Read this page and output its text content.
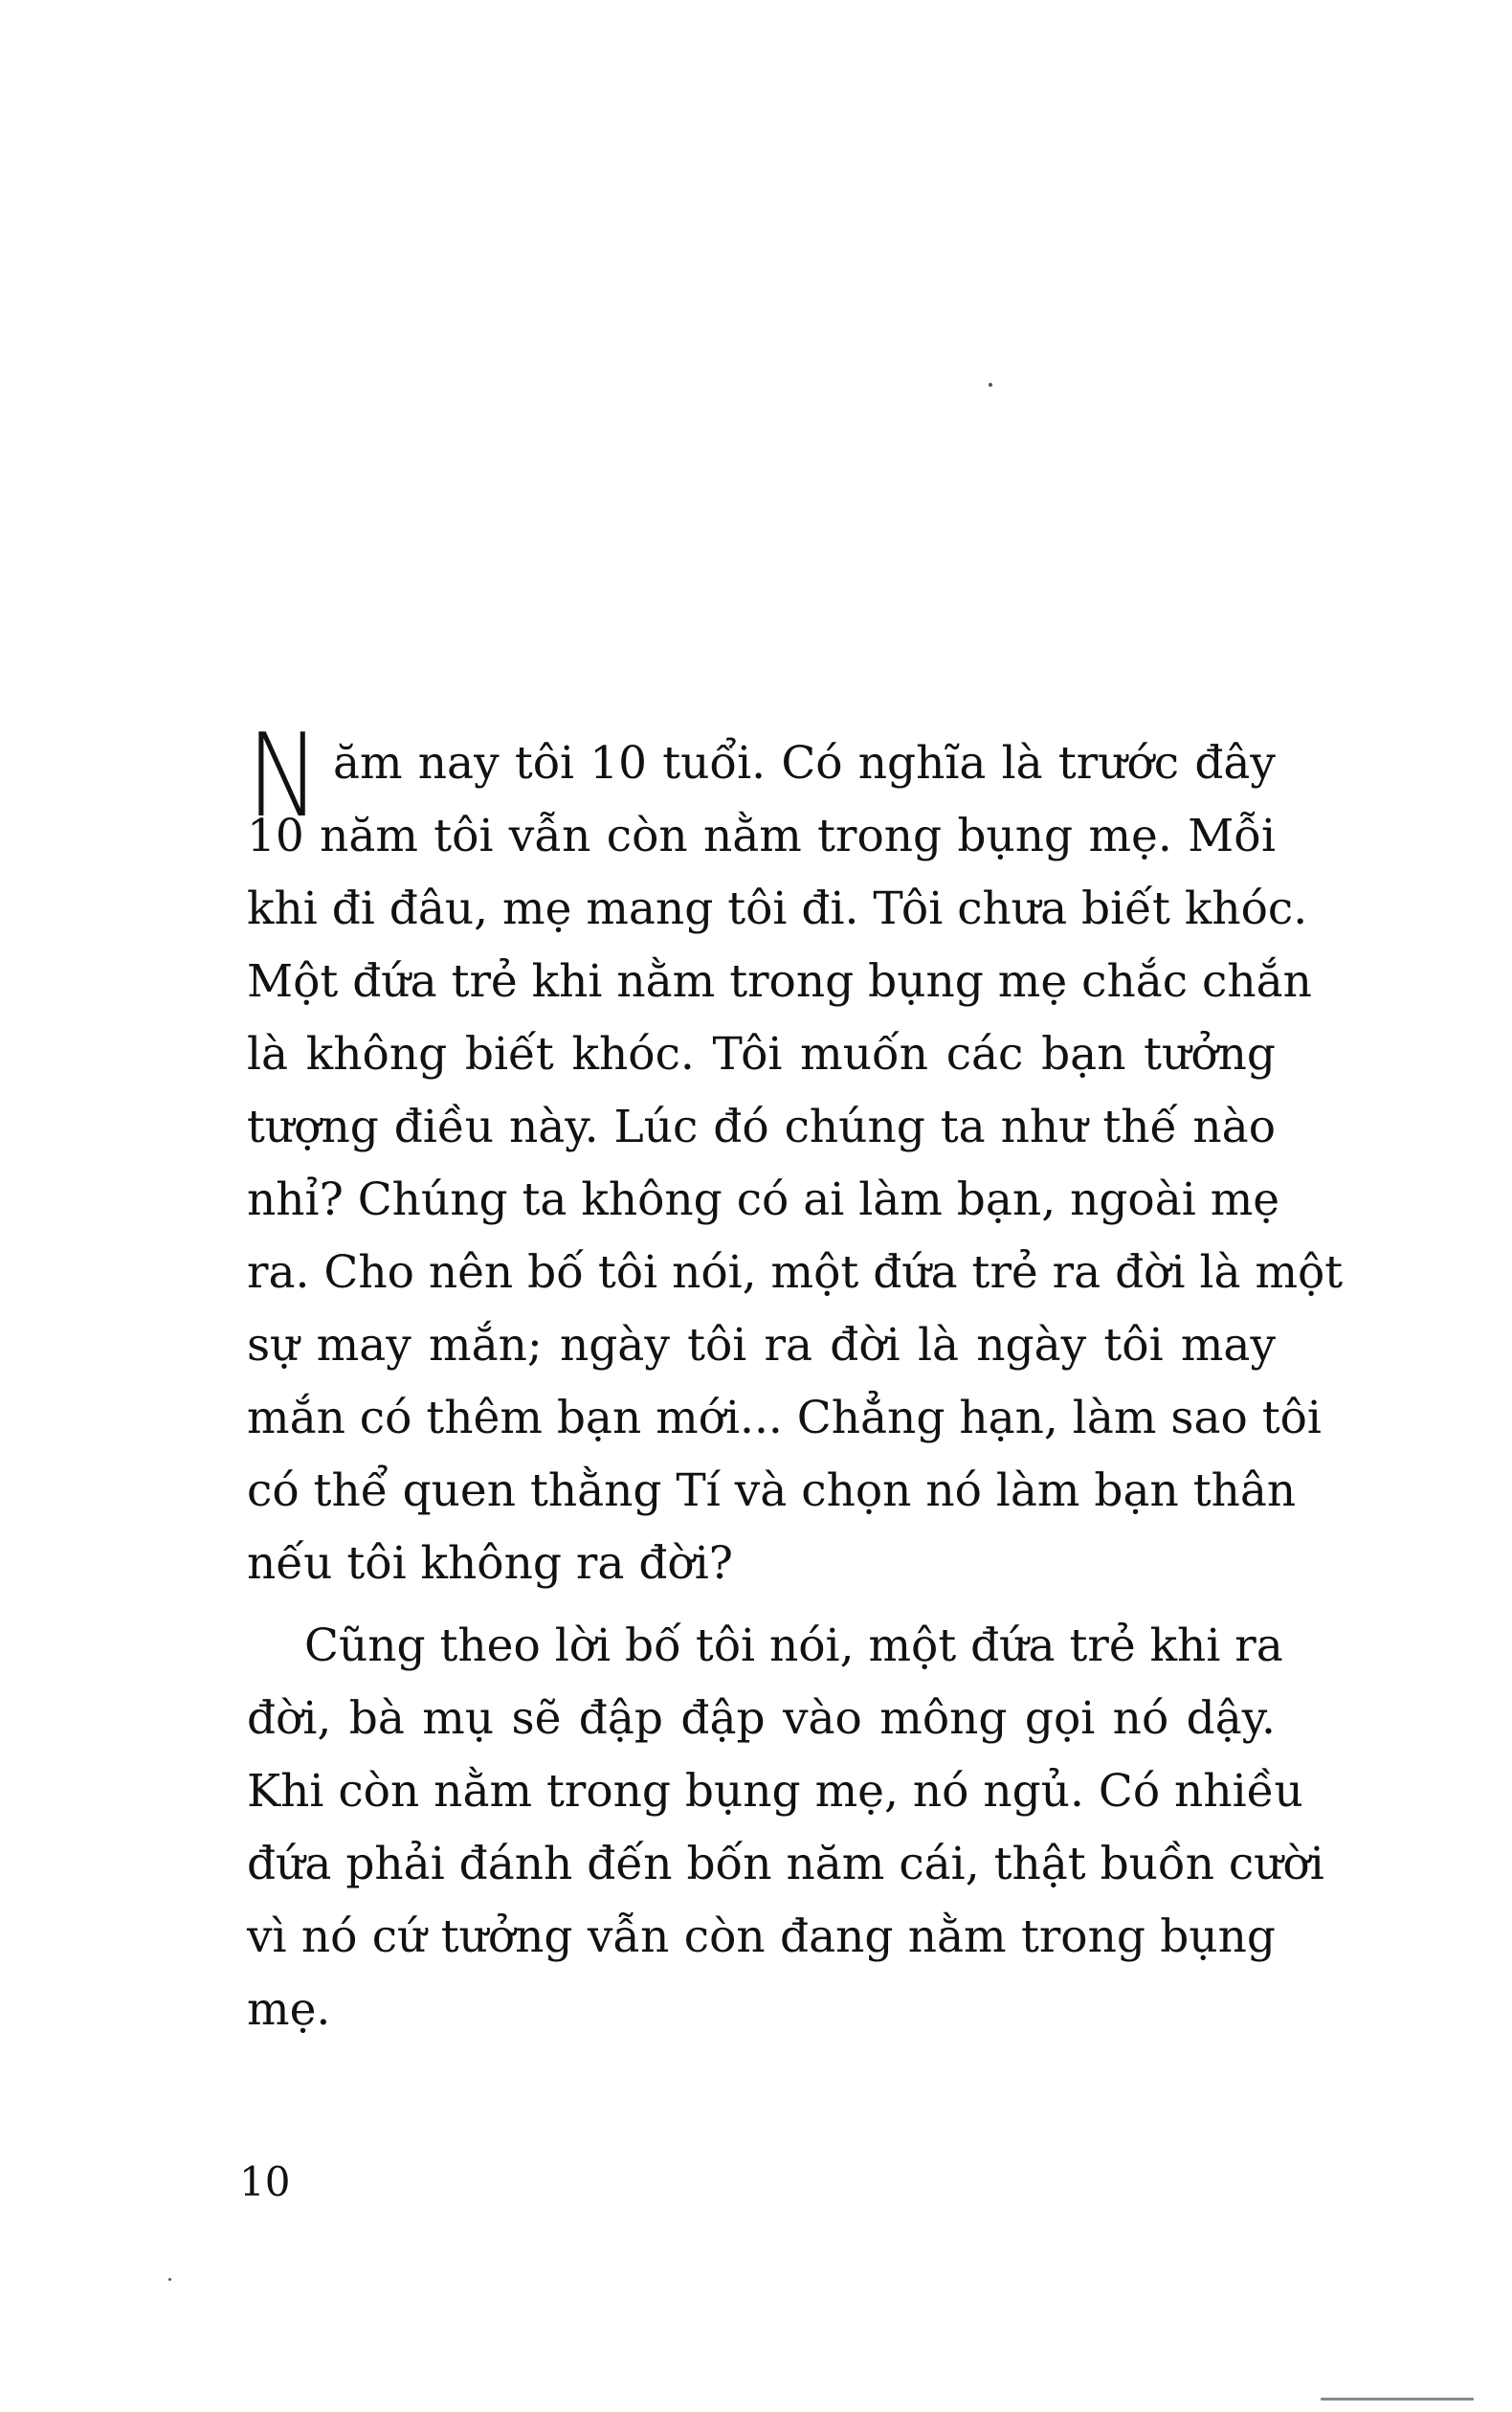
N ăm nay tôi 10 tuổi. Có nghĩa là trước đây
10 năm tôi vẫn còn nằm trong bụng mẹ. Mỗi
khi đi đâu, mẹ mang tôi đi. Tôi chưa biết khóc.
Một đứa trẻ khi nằm trong bụng mẹ chắc chắn
là không biết khóc. Tôi muốn các bạn tưởng
tượng điều này. Lúc đó chúng ta như thế nào
nhỉ? Chúng ta không có ai làm bạn, ngoài mẹ
ra. Cho nên bố tôi nói, một đứa trẻ ra đời là một
sự may mắn; ngày tôi ra đời là ngày tôi may
mắn có thêm bạn mới... Chẳng hạn, làm sao tôi
có thể quen thằng Tí và chọn nó làm bạn thân
nếu tôi không ra đời?
Cũng theo lời bố tôi nói, một đứa trẻ khi ra
đời, bà mụ sẽ đập đập vào mông gọi nó dậy.
Khi còn nằm trong bụng mẹ, nó ngủ. Có nhiều
đứa phải đánh đến bốn năm cái, thật buồn cười
vì nó cứ tưởng vẫn còn đang nằm trong bụng
mẹ.
10
